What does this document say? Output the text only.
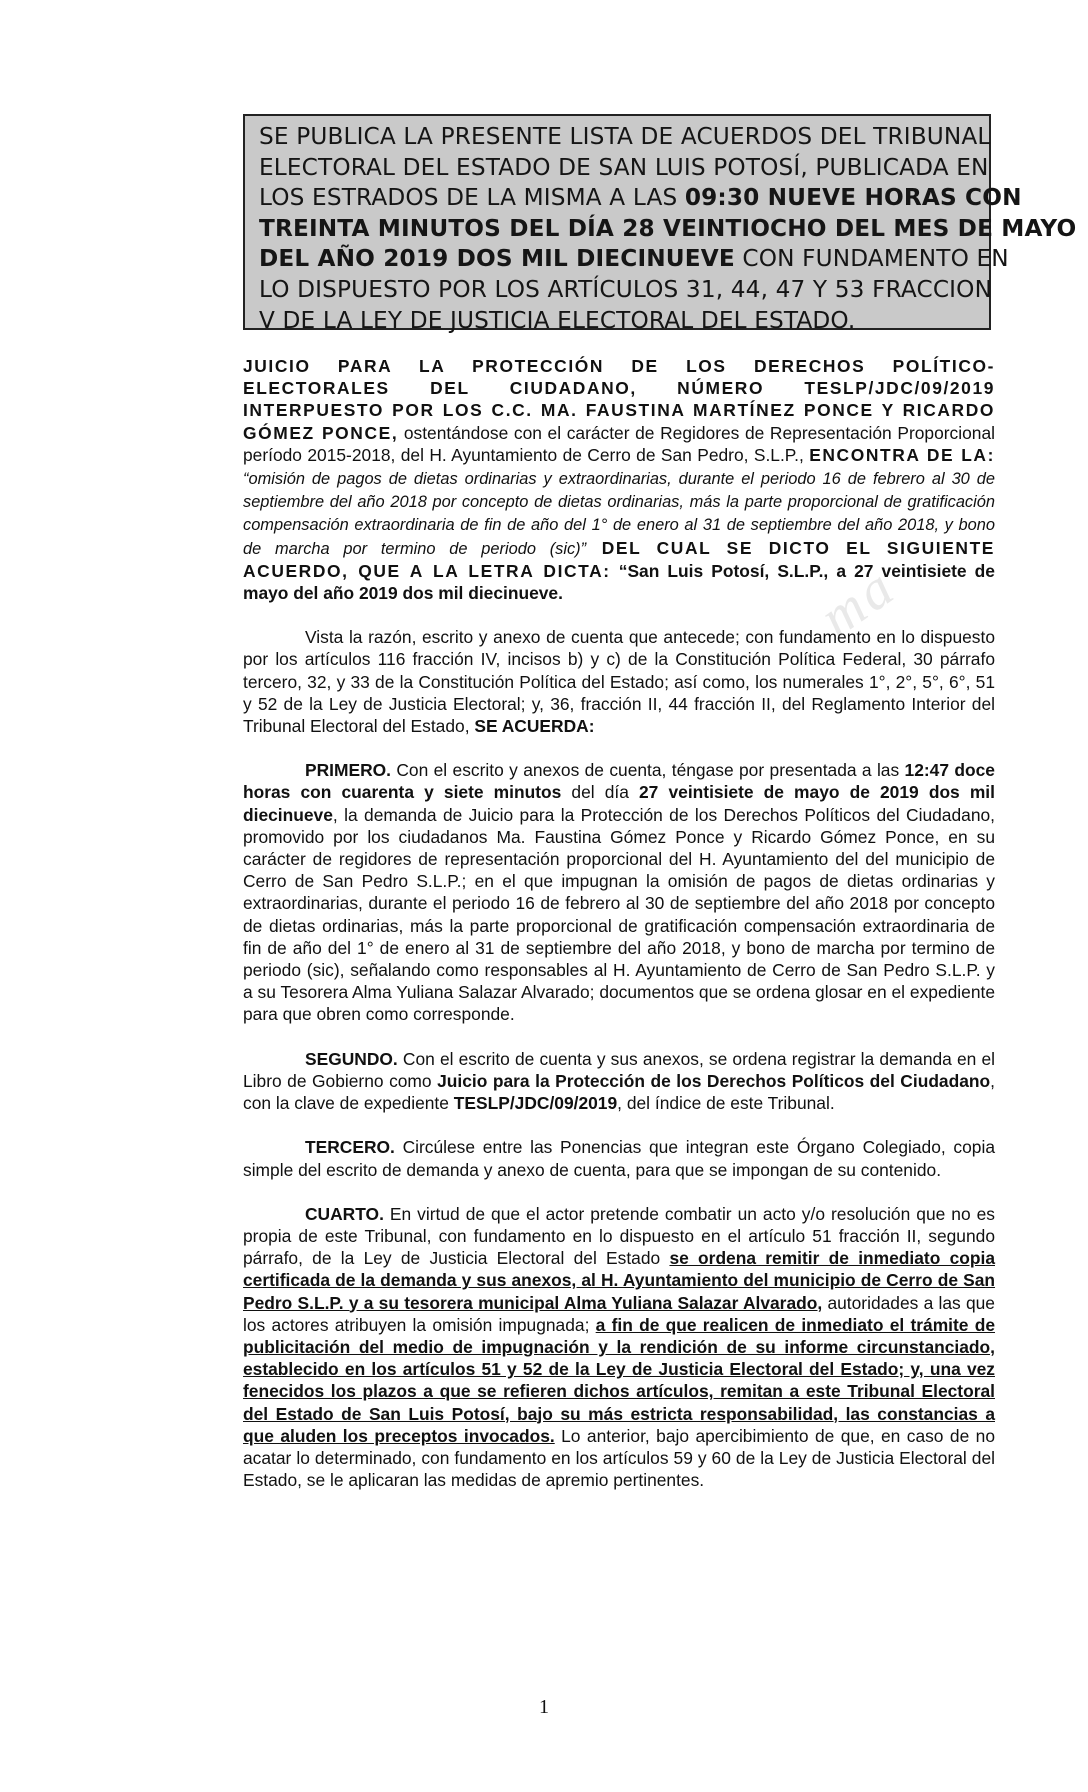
ma
SE PUBLICA LA PRESENTE LISTA DE ACUERDOS DEL TRIBUNAL
ELECTORAL DEL ESTADO DE SAN LUIS POTOSÍ, PUBLICADA EN
LOS ESTRADOS DE LA MISMA A LAS 09:30 NUEVE HORAS CON
TREINTA MINUTOS DEL DÍA 28 VEINTIOCHO DEL MES DE MAYO
DEL AÑO 2019 DOS MIL DIECINUEVE CON FUNDAMENTO EN
LO DISPUESTO POR LOS ARTÍCULOS 31, 44, 47 Y 53 FRACCION
V DE LA LEY DE JUSTICIA ELECTORAL DEL ESTADO.

JUICIO PARA LA PROTECCIÓN DE LOS DERECHOS POLÍTICO-ELECTORALES DEL CIUDADANO, NÚMERO TESLP/JDC/09/2019 INTERPUESTO POR LOS C.C. MA. FAUSTINA MARTÍNEZ PONCE Y RICARDO GÓMEZ PONCE, ostentándose con el carácter de Regidores de Representación Proporcional período 2015-2018, del H. Ayuntamiento de Cerro de San Pedro, S.L.P., ENCONTRA DE LA: “omisión de pagos de dietas ordinarias y extraordinarias, durante el periodo 16 de febrero al 30 de septiembre del año 2018 por concepto de dietas ordinarias, más la parte proporcional de gratificación compensación extraordinaria de fin de año del 1° de enero al 31 de septiembre del año 2018, y bono de marcha por termino de periodo (sic)” DEL CUAL SE DICTO EL SIGUIENTE ACUERDO, QUE A LA LETRA DICTA: “San Luis Potosí, S.L.P., a 27 veintisiete de mayo del año 2019 dos mil diecinueve.

Vista la razón, escrito y anexo de cuenta que antecede; con fundamento en lo dispuesto por los artículos 116 fracción IV, incisos b) y c) de la Constitución Política Federal, 30 párrafo tercero, 32, y 33 de la Constitución Política del Estado; así como, los numerales 1°, 2°, 5°, 6°, 51 y 52 de la Ley de Justicia Electoral; y, 36, fracción II, 44 fracción II, del Reglamento Interior del Tribunal Electoral del Estado, SE ACUERDA:

PRIMERO. Con el escrito y anexos de cuenta, téngase por presentada a las 12:47 doce horas con cuarenta y siete minutos del día 27 veintisiete de mayo de 2019 dos mil diecinueve, la demanda de Juicio para la Protección de los Derechos Políticos del Ciudadano, promovido por los ciudadanos Ma. Faustina Gómez Ponce y Ricardo Gómez Ponce, en su carácter de regidores de representación proporcional del H. Ayuntamiento del del municipio de Cerro de San Pedro S.L.P.; en el que impugnan la omisión de pagos de dietas ordinarias y extraordinarias, durante el periodo 16 de febrero al 30 de septiembre del año 2018 por concepto de dietas ordinarias, más la parte proporcional de gratificación compensación extraordinaria de fin de año del 1° de enero al 31 de septiembre del año 2018, y bono de marcha por termino de periodo (sic), señalando como responsables al H. Ayuntamiento de Cerro de San Pedro S.L.P. y a su Tesorera Alma Yuliana Salazar Alvarado; documentos que se ordena glosar en el expediente para que obren como corresponde.

SEGUNDO. Con el escrito de cuenta y sus anexos, se ordena registrar la demanda en el Libro de Gobierno como Juicio para la Protección de los Derechos Políticos del Ciudadano, con la clave de expediente TESLP/JDC/09/2019, del índice de este Tribunal.

TERCERO. Circúlese entre las Ponencias que integran este Órgano Colegiado, copia simple del escrito de demanda y anexo de cuenta, para que se impongan de su contenido.

CUARTO. En virtud de que el actor pretende combatir un acto y/o resolución que no es propia de este Tribunal, con fundamento en lo dispuesto en el artículo 51 fracción II, segundo párrafo, de la Ley de Justicia Electoral del Estado se ordena remitir de inmediato copia certificada de la demanda y sus anexos, al H. Ayuntamiento del municipio de Cerro de San Pedro S.L.P. y a su tesorera municipal Alma Yuliana Salazar Alvarado, autoridades a las que los actores atribuyen la omisión impugnada; a fin de que realicen de inmediato el trámite de publicitación del medio de impugnación y la rendición de su informe circunstanciado, establecido en los artículos 51 y 52 de la Ley de Justicia Electoral del Estado; y, una vez fenecidos los plazos a que se refieren dichos artículos, remitan a este Tribunal Electoral del Estado de San Luis Potosí, bajo su más estricta responsabilidad, las constancias a que aluden los preceptos invocados. Lo anterior, bajo apercibimiento de que, en caso de no acatar lo determinado, con fundamento en los artículos 59 y 60 de la Ley de Justicia Electoral del Estado, se le aplicaran las medidas de apremio pertinentes.

1
